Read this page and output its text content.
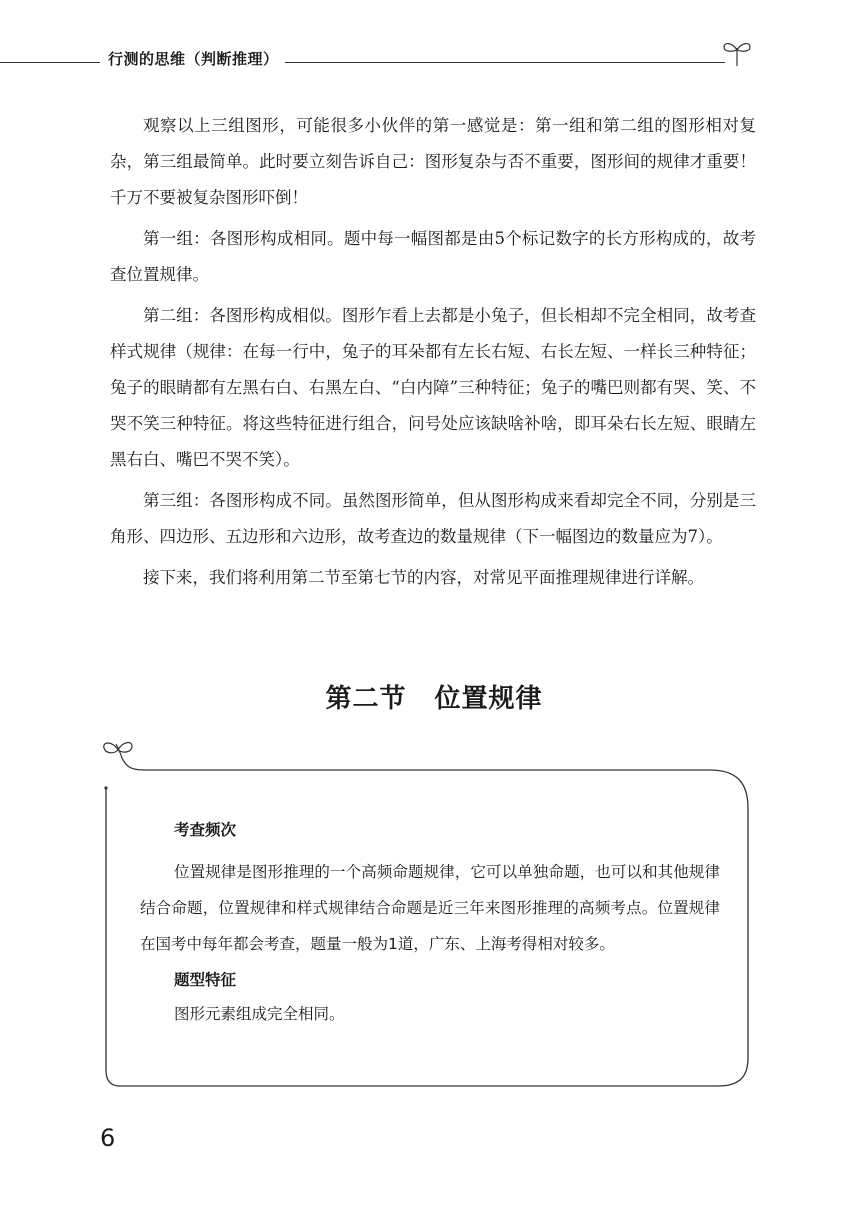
行测的思维（判断推理）

观察以上三组图形，可能很多小伙伴的第一感觉是：第一组和第二组的图形相对复杂，第三组最简单。此时要立刻告诉自己：图形复杂与否不重要，图形间的规律才重要！千万不要被复杂图形吓倒！

第一组：各图形构成相同。题中每一幅图都是由5个标记数字的长方形构成的，故考查位置规律。

第二组：各图形构成相似。图形乍看上去都是小兔子，但长相却不完全相同，故考查样式规律（规律：在每一行中，兔子的耳朵都有左长右短、右长左短、一样长三种特征；兔子的眼睛都有左黑右白、右黑左白、“白内障”三种特征；兔子的嘴巴则都有哭、笑、不哭不笑三种特征。将这些特征进行组合，问号处应该缺啥补啥，即耳朵右长左短、眼睛左黑右白、嘴巴不哭不笑）。

第三组：各图形构成不同。虽然图形简单，但从图形构成来看却完全不同，分别是三角形、四边形、五边形和六边形，故考查边的数量规律（下一幅图边的数量应为7）。

接下来，我们将利用第二节至第七节的内容，对常见平面推理规律进行详解。

第二节 位置规律
考查频次

位置规律是图形推理的一个高频命题规律，它可以单独命题，也可以和其他规律结合命题，位置规律和样式规律结合命题是近三年来图形推理的高频考点。位置规律在国考中每年都会考查，题量一般为1道，广东、上海考得相对较多。

题型特征

图形元素组成完全相同。

6
